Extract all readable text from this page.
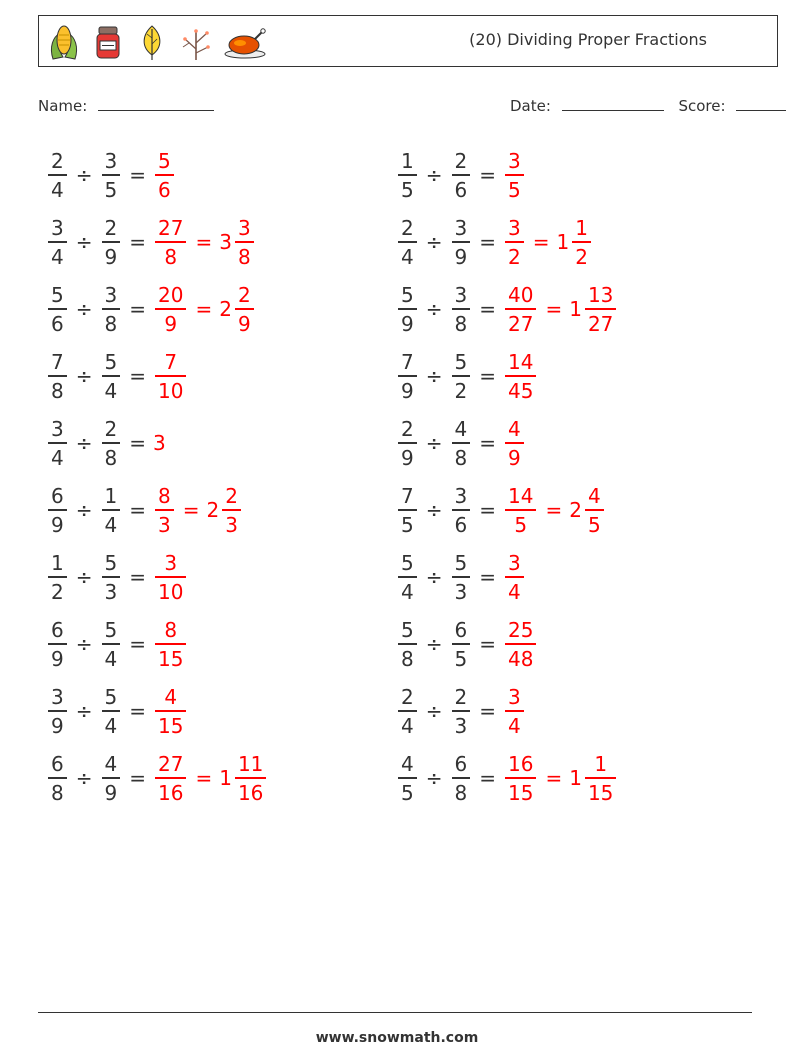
(20) Dividing Proper Fractions
Name:	Date:	Score:
$\frac{2}{4} \div \frac{3}{5} = \frac{5}{6}$	$\frac{1}{5} \div \frac{2}{6} = \frac{3}{5}$
$\frac{3}{4} \div \frac{2}{9} = \frac{27}{8} = 3 \frac{3}{8}$	$\frac{2}{4} \div \frac{3}{9} = \frac{3}{2} = 1 \frac{1}{2}$
$\frac{5}{6} \div \frac{3}{8} = \frac{20}{9} = 2 \frac{2}{9}$	$\frac{5}{9} \div \frac{3}{8} = \frac{40}{27} = 1 \frac{13}{27}$
$\frac{7}{8} \div \frac{5}{4} = \frac{7}{10}$	$\frac{7}{9} \div \frac{5}{2} = \frac{14}{45}$
$\frac{3}{4} \div \frac{2}{8} = 3$	$\frac{2}{9} \div \frac{4}{8} = \frac{4}{9}$
$\frac{6}{9} \div \frac{1}{4} = \frac{8}{3} = 2 \frac{2}{3}$	$\frac{7}{5} \div \frac{3}{6} = \frac{14}{5} = 2 \frac{4}{5}$
$\frac{1}{2} \div \frac{5}{3} = \frac{3}{10}$	$\frac{5}{4} \div \frac{5}{3} = \frac{3}{4}$
$\frac{6}{9} \div \frac{5}{4} = \frac{8}{15}$	$\frac{5}{8} \div \frac{6}{5} = \frac{25}{48}$
$\frac{3}{9} \div \frac{5}{4} = \frac{4}{15}$	$\frac{2}{4} \div \frac{2}{3} = \frac{3}{4}$
$\frac{6}{8} \div \frac{4}{9} = \frac{27}{16} = 1 \frac{11}{16}$	$\frac{4}{5} \div \frac{6}{8} = \frac{16}{15} = 1 \frac{1}{15}$
www.snowmath.com
